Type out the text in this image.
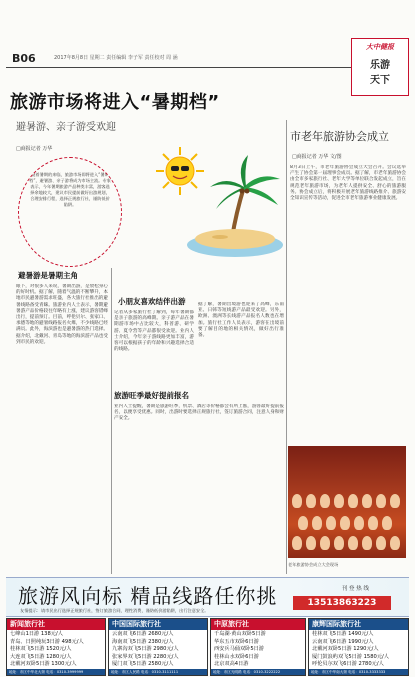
B06	2017年8月8日 星期二 责任编辑 李子军 责任校对 周 涵
大中健报
乐游
天下
旅游市场将进入“暑期档”
避暑游、亲子游受欢迎
□商报记者 万华
随着暑期的来临，旅游市场即将进入“暑期档”，避暑游、亲子游将成为市场主流。专家表示，今年暑期旅游产品种类丰富，游客选择余地较大，建议市民提前做好出游规划，合理安排行程，选择正规旅行社，谨防低价陷阱。
避暑游是暑期主角
眼下，对很多人来说，暑期出游，是放松身心的好时机。据了解，随着气温的不断攀升，本地市民避暑游需求旺盛，各大旅行社推出的避暑线路备受青睐。旅游业内人士表示，暑期避暑游产品价格较往年略有上涨，建议游客错峰出行，提前预订。目前，呼伦贝尔、张家口、承德等地的避暑线路报名火爆，不少线路已经满员。此外，海滨游也是避暑游的热门选择。据介绍，北戴河、青岛等地的海滨游产品也受到市民的欢迎。
小朋友喜欢结伴出游
记者从多家旅行社了解到，每年暑期都是亲子旅游的高峰期。亲子游产品在暑期游市场中占比较大，科普游、研学游、夏令营等产品都很受欢迎。业内人士介绍，今年亲子游线路更加丰富，游客可以根据孩子的年龄和兴趣选择合适的线路。
旅游旺季最好提前报名
业内人士提醒，暑期是旅游旺季，机票、酒店等价格都会有所上涨，游客最好提前报名，以便享受优惠。同时，出游时要选择正规旅行社，签订旅游合同，注意人身和财产安全。
据了解，暑期出境游也迎来了高峰，东南亚、日韩等短线游产品最受欢迎。另外，欧洲、澳洲等长线游产品报名人数也在增加。旅行社工作人员表示，游客在出境前要了解目的地的相关情况，做好出行准备。
市老年旅游协会成立
□商报记者 万华 文/图
8月3日上午，市老年旅游协会成立大会召开。会议选举产生了协会第一届理事会成员。据了解，市老年旅游协会由全市多家旅行社、老年大学等单位联合发起成立，旨在规范老年旅游市场，为老年人提供安全、舒心的旅游服务。协会成立后，将积极开展老年旅游线路推介、旅游安全知识宣传等活动，促进全市老年旅游事业健康发展。
老年旅游协会成立大会现场
旅游风向标 精品线路任你挑
友情提示：请市民出行选择正规旅行社，签订旅游合同，理性消费，谨防低价游陷阱，出行注意安全。
刊 登 热 线
13513863223
新闻旅行社
七峰山1日游 138元/人
青岛、日照纯玩3日游 498元/人
桂林双飞5日游 1520元/人
大连双飞5日游 1280元/人
北戴河双卧5日游 1300元/人
地址：市区中华北大街 电话：0310-3999999
中国国际旅行社
云南双飞6日游 2680元/人
海南双飞5日游 2380元/人
九寨沟双飞5日游 2980元/人
张家界双飞5日游 2280元/人
厦门双飞5日游 2580元/人
地址：市区人民路 电话：0310-3111111
中原旅行社
千岛湖·黄山双卧5日游
华东五市双卧6日游
西安兵马俑双卧5日游
桂林山水双卧6日游
北京双高4日游
地址：市区光明路 电话：0310-3222222
康辉国际旅行社
桂林双飞5日游 1490元/人
云南双飞6日游 1990元/人
北戴河双卧5日游 1290元/人
厦门鼓浪屿双飞5日游 1580元/人
呼伦贝尔双飞6日游 2780元/人
地址：市区中华南大街 电话：0310-3333333
